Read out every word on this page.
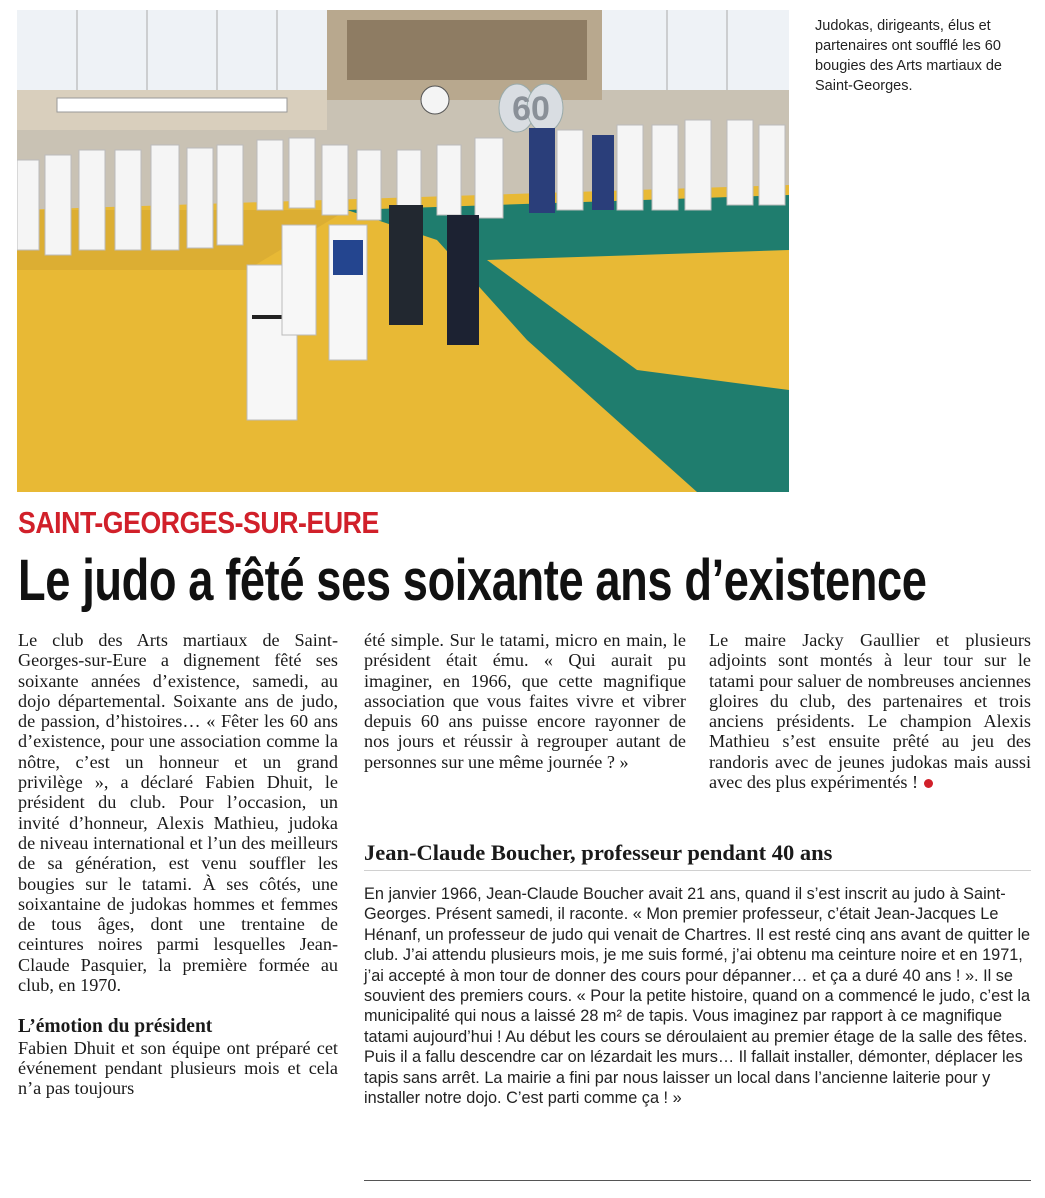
60
Judokas, dirigeants, élus et partenaires ont soufflé les 60 bougies des Arts martiaux de Saint-Georges.
SAINT-GEORGES-SUR-EURE
Le judo a fêté ses soixante ans d’existence

Le club des Arts martiaux de Saint-Georges-sur-Eure a dignement fêté ses soixante années d’existence, samedi, au dojo départemental. Soixante ans de judo, de passion, d’histoires… « Fêter les 60 ans d’existence, pour une association comme la nôtre, c’est un honneur et un grand privilège », a déclaré Fabien Dhuit, le président du club. Pour l’occasion, un invité d’honneur, Alexis Mathieu, judoka de niveau international et l’un des meilleurs de sa génération, est venu souffler les bougies sur le tatami. À ses côtés, une soixantaine de judokas hommes et femmes de tous âges, dont une trentaine de ceintures noires parmi lesquelles Jean-Claude Pasquier, la première formée au club, en 1970.

L’émotion du président

Fabien Dhuit et son équipe ont préparé cet événement pendant plusieurs mois et cela n’a pas toujours

été simple. Sur le tatami, micro en main, le président était ému. « Qui aurait pu imaginer, en 1966, que cette magnifique association que vous faites vivre et vibrer depuis 60 ans puisse encore rayonner de nos jours et réussir à regrouper autant de personnes sur une même journée ? »

Le maire Jacky Gaullier et plusieurs adjoints sont montés à leur tour sur le tatami pour saluer de nombreuses anciennes gloires du club, des partenaires et trois anciens présidents. Le champion Alexis Mathieu s’est ensuite prêté au jeu des randoris avec de jeunes judokas mais aussi avec des plus expérimentés !

Jean-Claude Boucher, professeur pendant 40 ans
En janvier 1966, Jean-Claude Boucher avait 21 ans, quand il s’est inscrit au judo à Saint-Georges. Présent samedi, il raconte. « Mon premier professeur, c’était Jean-Jacques Le Hénanf, un professeur de judo qui venait de Chartres. Il est resté cinq ans avant de quitter le club. J’ai attendu plusieurs mois, je me suis formé, j’ai obtenu ma ceinture noire et en 1971, j’ai accepté à mon tour de donner des cours pour dépanner… et ça a duré 40 ans ! ». Il se souvient des premiers cours. « Pour la petite histoire, quand on a commencé le judo, c’est la municipalité qui nous a laissé 28 m² de tapis. Vous imaginez par rapport à ce magnifique tatami aujourd’hui ! Au début les cours se déroulaient au premier étage de la salle des fêtes. Puis il a fallu descendre car on lézardait les murs… Il fallait installer, démonter, déplacer les tapis sans arrêt. La mairie a fini par nous laisser un local dans l’ancienne laiterie pour y installer notre dojo. C’est parti comme ça ! »
